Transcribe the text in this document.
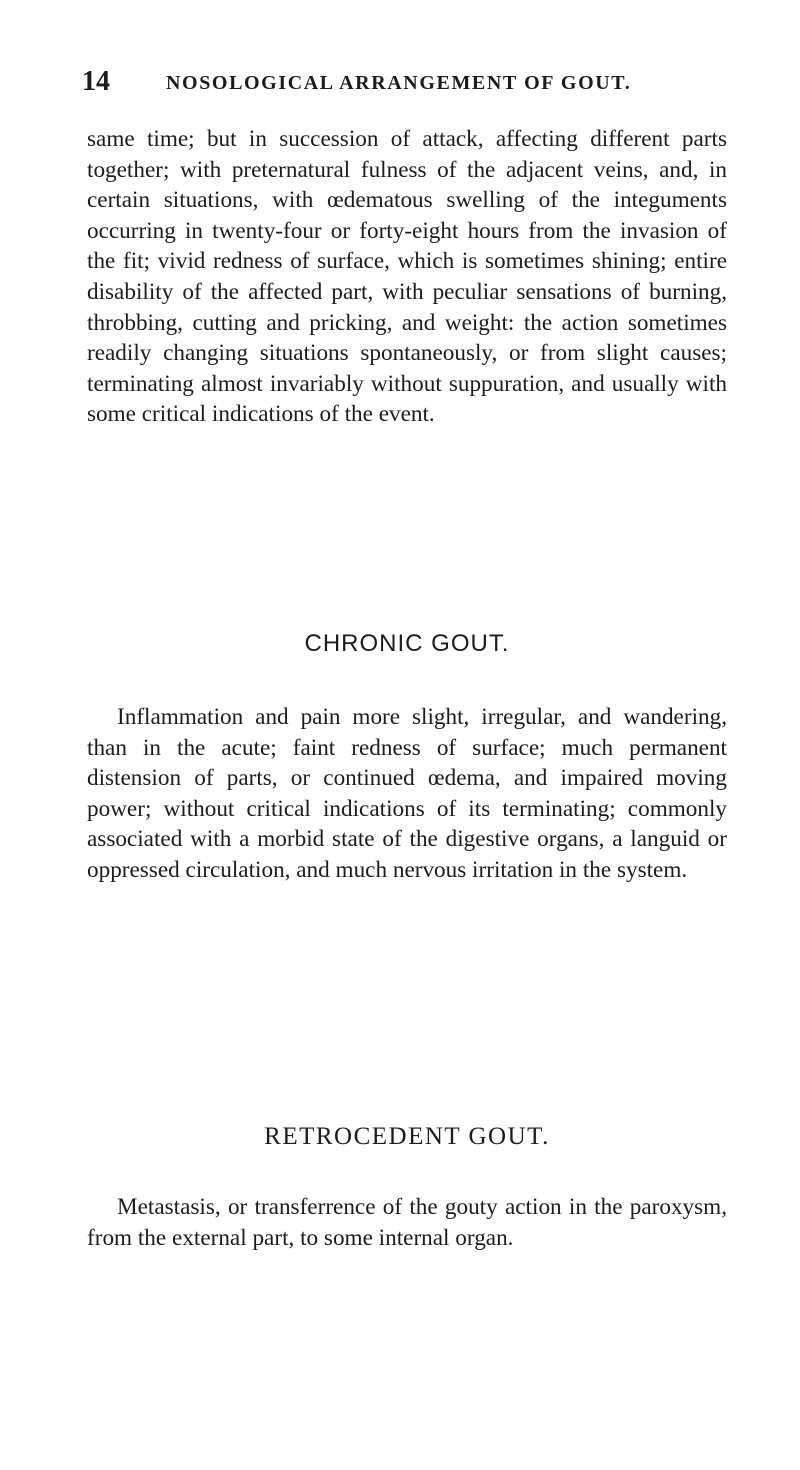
14	NOSOLOGICAL ARRANGEMENT OF GOUT.

same time; but in succession of attack, affecting different parts together; with preternatural fulness of the adjacent veins, and, in certain situations, with œdematous swelling of the integuments occurring in twenty-four or forty-eight hours from the invasion of the fit; vivid redness of surface, which is sometimes shining; entire disability of the affected part, with peculiar sensations of burning, throbbing, cutting and pricking, and weight: the action sometimes readily changing situations spontaneously, or from slight causes; terminating almost invariably without suppuration, and usually with some critical indications of the event.

CHRONIC GOUT.

Inflammation and pain more slight, irregular, and wandering, than in the acute; faint redness of surface; much permanent distension of parts, or continued œdema, and impaired moving power; without critical indications of its terminating; commonly associated with a morbid state of the digestive organs, a languid or oppressed circulation, and much nervous irritation in the system.

RETROCEDENT GOUT.

Metastasis, or transferrence of the gouty action in the paroxysm, from the external part, to some internal organ.
